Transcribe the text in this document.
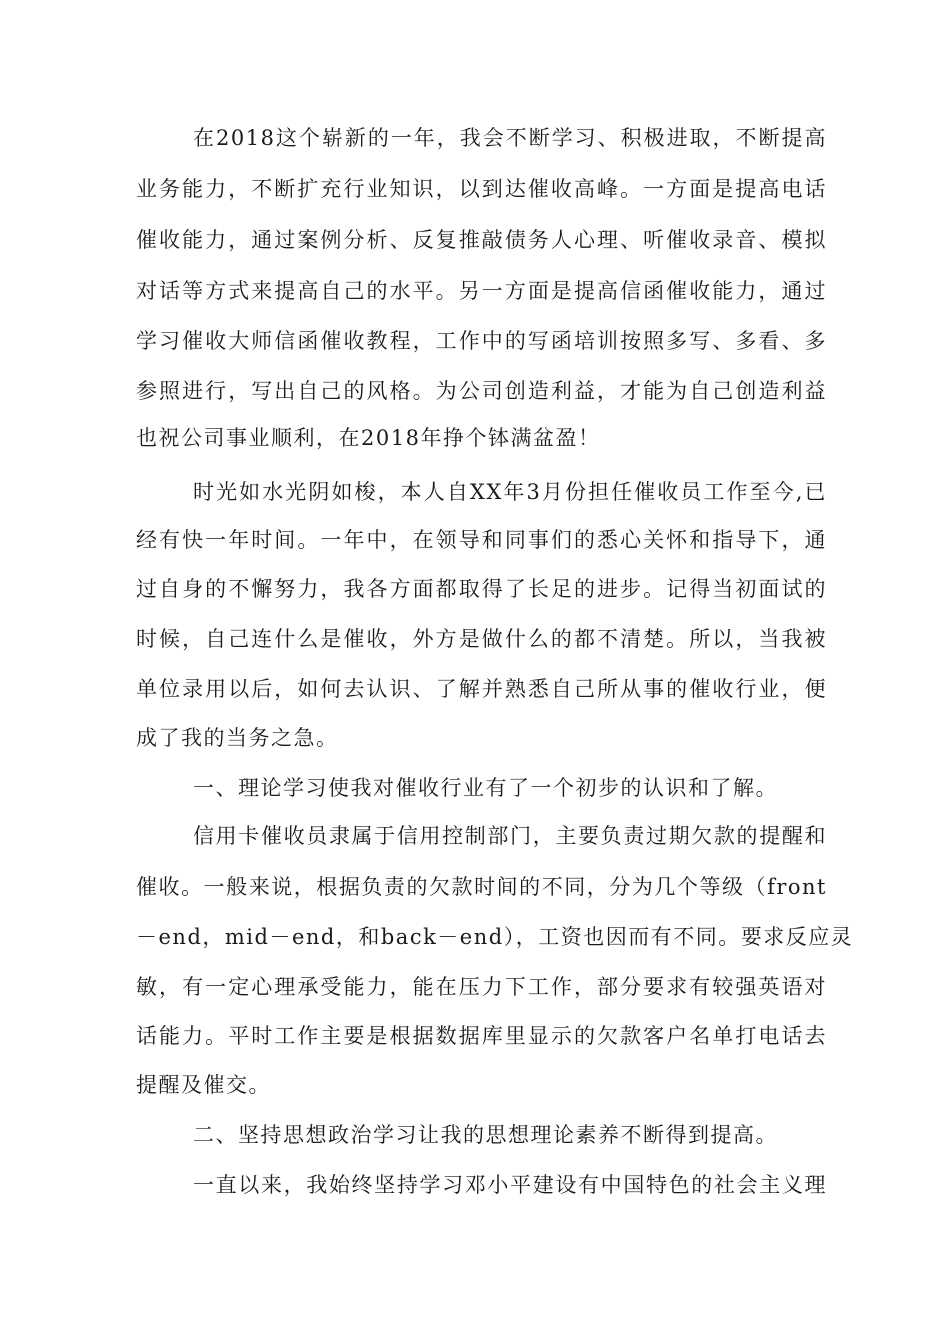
在2018这个崭新的一年，我会不断学习、积极进取，不断提高
业务能力，不断扩充行业知识，以到达催收高峰。一方面是提高电话
催收能力，通过案例分析、反复推敲债务人心理、听催收录音、模拟
对话等方式来提高自己的水平。另一方面是提高信函催收能力，通过
学习催收大师信函催收教程，工作中的写函培训按照多写、多看、多
参照进行，写出自己的风格。为公司创造利益，才能为自己创造利益
也祝公司事业顺利，在2018年挣个钵满盆盈！
时光如水光阴如梭，本人自XX年3月份担任催收员工作至今,已
经有快一年时间。一年中，在领导和同事们的悉心关怀和指导下，通
过自身的不懈努力，我各方面都取得了长足的进步。记得当初面试的
时候，自己连什么是催收，外方是做什么的都不清楚。所以，当我被
单位录用以后，如何去认识、了解并熟悉自己所从事的催收行业，便
成了我的当务之急。
一、理论学习使我对催收行业有了一个初步的认识和了解。
信用卡催收员隶属于信用控制部门，主要负责过期欠款的提醒和
催收。一般来说，根据负责的欠款时间的不同，分为几个等级（front
－end，mid－end，和back－end），工资也因而有不同。要求反应灵
敏，有一定心理承受能力，能在压力下工作，部分要求有较强英语对
话能力。平时工作主要是根据数据库里显示的欠款客户名单打电话去
提醒及催交。
二、坚持思想政治学习让我的思想理论素养不断得到提高。
一直以来，我始终坚持学习邓小平建设有中国特色的社会主义理
